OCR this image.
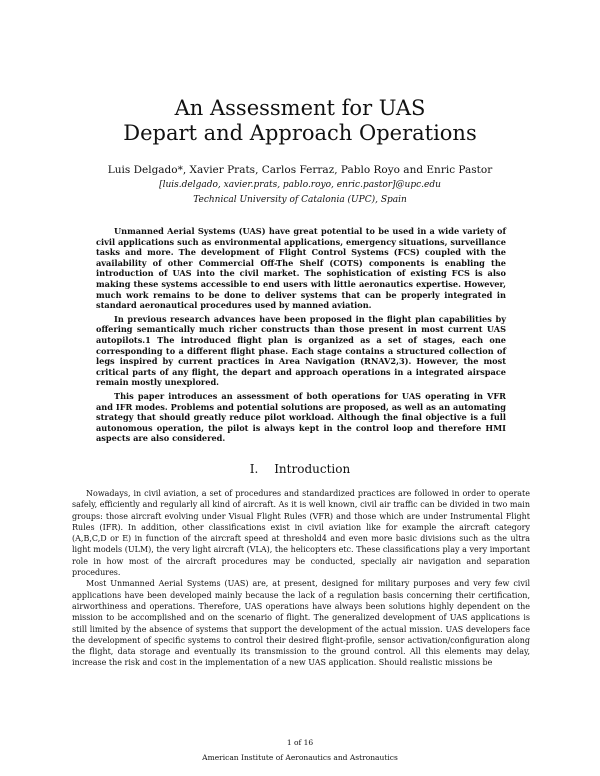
An Assessment for UAS
Depart and Approach Operations
Luis Delgado*, Xavier Prats, Carlos Ferraz, Pablo Royo and Enric Pastor
[luis.delgado, xavier.prats, pablo.royo, enric.pastor]@upc.edu
Technical University of Catalonia (UPC), Spain

Unmanned Aerial Systems (UAS) have great potential to be used in a wide variety of civil applications such as environmental applications, emergency situations, surveillance tasks and more. The development of Flight Control Systems (FCS) coupled with the availability of other Commercial Off-The Shelf (COTS) components is enabling the introduction of UAS into the civil market. The sophistication of existing FCS is also making these systems accessible to end users with little aeronautics expertise. However, much work remains to be done to deliver systems that can be properly integrated in standard aeronautical procedures used by manned aviation.

In previous research advances have been proposed in the flight plan capabilities by offering semantically much richer constructs than those present in most current UAS autopilots.1 The introduced flight plan is organized as a set of stages, each one corresponding to a different flight phase. Each stage contains a structured collection of legs inspired by current practices in Area Navigation (RNAV2,3). However, the most critical parts of any flight, the depart and approach operations in a integrated airspace remain mostly unexplored.

This paper introduces an assessment of both operations for UAS operating in VFR and IFR modes. Problems and potential solutions are proposed, as well as an automating strategy that should greatly reduce pilot workload. Although the final objective is a full autonomous operation, the pilot is always kept in the control loop and therefore HMI aspects are also considered.

I. Introduction

Nowadays, in civil aviation, a set of procedures and standardized practices are followed in order to operate safely, efficiently and regularly all kind of aircraft. As it is well known, civil air traffic can be divided in two main groups: those aircraft evolving under Visual Flight Rules (VFR) and those which are under Instrumental Flight Rules (IFR). In addition, other classifications exist in civil aviation like for example the aircraft category (A,B,C,D or E) in function of the aircraft speed at threshold4 and even more basic divisions such as the ultra light models (ULM), the very light aircraft (VLA), the helicopters etc. These classifications play a very important role in how most of the aircraft procedures may be conducted, specially air navigation and separation procedures.

Most Unmanned Aerial Systems (UAS) are, at present, designed for military purposes and very few civil applications have been developed mainly because the lack of a regulation basis concerning their certification, airworthiness and operations. Therefore, UAS operations have always been solutions highly dependent on the mission to be accomplished and on the scenario of flight. The generalized development of UAS applications is still limited by the absence of systems that support the development of the actual mission. UAS developers face the development of specific systems to control their desired flight-profile, sensor activation/configuration along the flight, data storage and eventually its transmission to the ground control. All this elements may delay, increase the risk and cost in the implementation of a new UAS application. Should realistic missions be

1 of 16
American Institute of Aeronautics and Astronautics
